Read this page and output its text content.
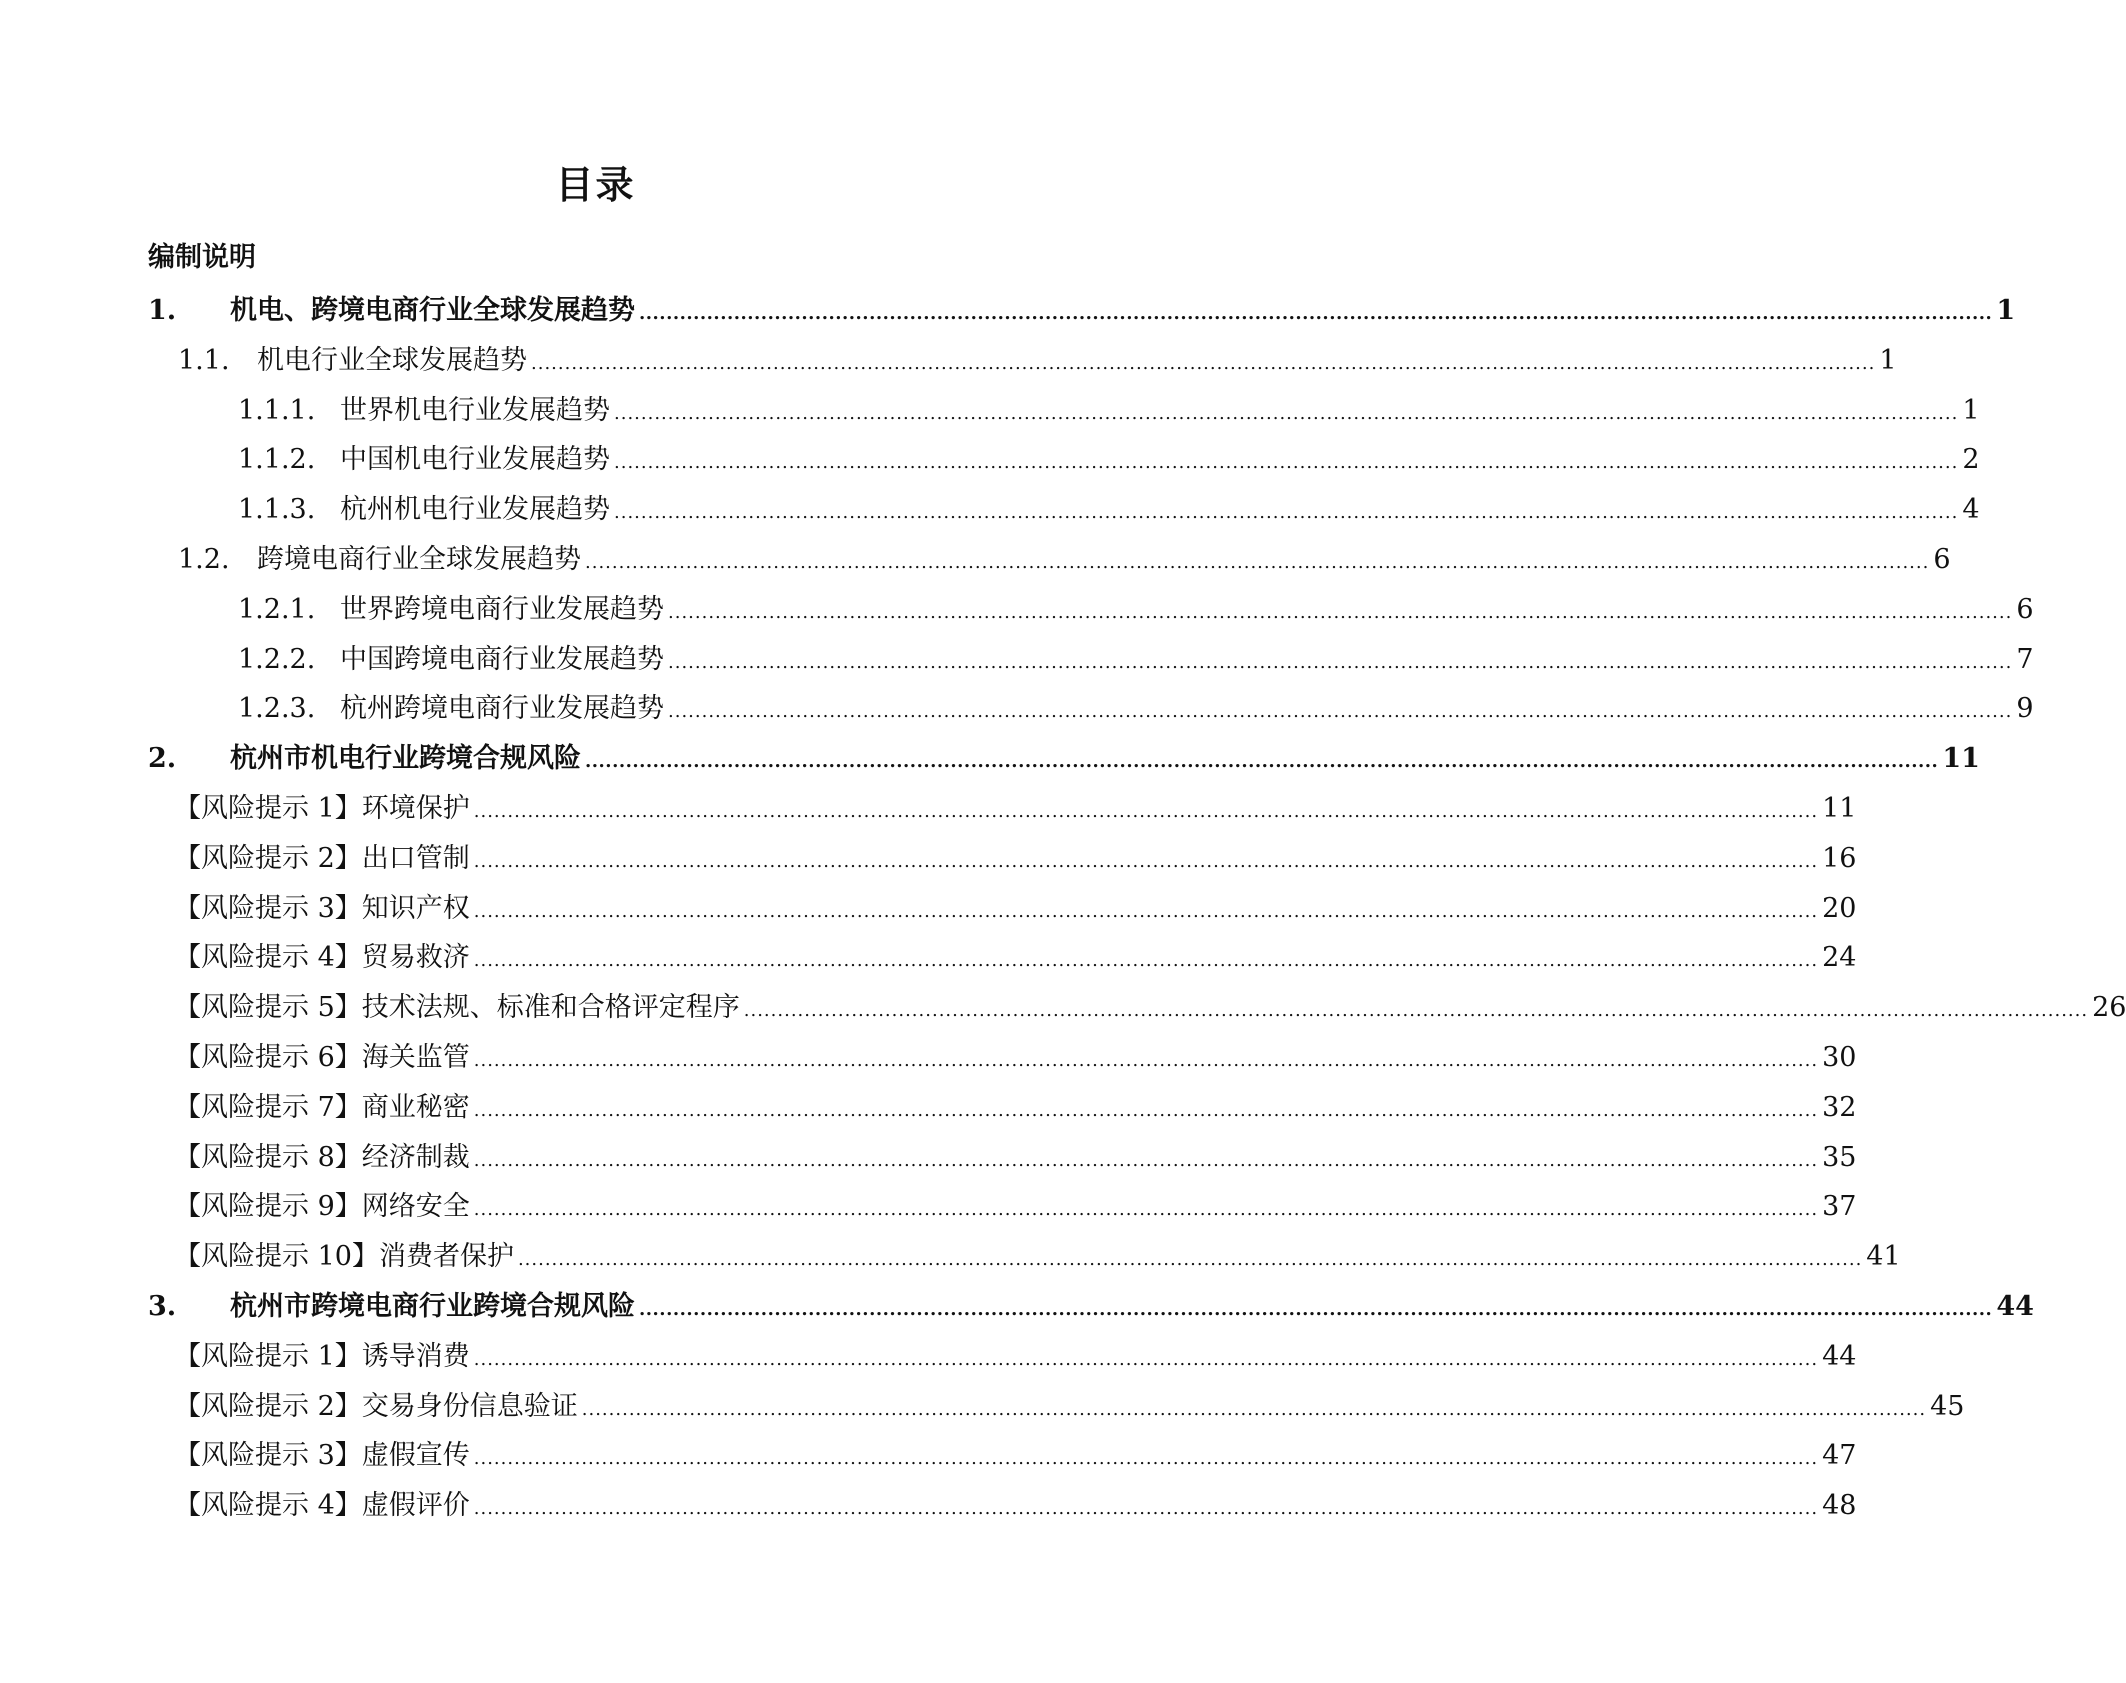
目录
编制说明
1.	机电、跨境电商行业全球发展趋势 ........................................................................................................................................................................................................ 1
1.1.	机电行业全球发展趋势 ........................................................................................................................................................................................................ 1
1.1.1. 世界机电行业发展趋势 ........................................................................................................................................................................................................ 1
1.1.2. 中国机电行业发展趋势 ........................................................................................................................................................................................................ 2
1.1.3. 杭州机电行业发展趋势 ........................................................................................................................................................................................................ 4
1.2.	跨境电商行业全球发展趋势 ........................................................................................................................................................................................................ 6
1.2.1. 世界跨境电商行业发展趋势 ........................................................................................................................................................................................................ 6
1.2.2. 中国跨境电商行业发展趋势 ........................................................................................................................................................................................................ 7
1.2.3. 杭州跨境电商行业发展趋势 ........................................................................................................................................................................................................ 9
2.	杭州市机电行业跨境合规风险 ........................................................................................................................................................................................................ 11
【风险提示 1】环境保护 ........................................................................................................................................................................................................ 11
【风险提示 2】出口管制 ........................................................................................................................................................................................................ 16
【风险提示 3】知识产权 ........................................................................................................................................................................................................ 20
【风险提示 4】贸易救济 ........................................................................................................................................................................................................ 24
【风险提示 5】技术法规、标准和合格评定程序 ........................................................................................................................................................................................................ 26
【风险提示 6】海关监管 ........................................................................................................................................................................................................ 30
【风险提示 7】商业秘密 ........................................................................................................................................................................................................ 32
【风险提示 8】经济制裁 ........................................................................................................................................................................................................ 35
【风险提示 9】网络安全 ........................................................................................................................................................................................................ 37
【风险提示 10】消费者保护 ........................................................................................................................................................................................................ 41
3.	杭州市跨境电商行业跨境合规风险 ........................................................................................................................................................................................................ 44
【风险提示 1】诱导消费 ........................................................................................................................................................................................................ 44
【风险提示 2】交易身份信息验证 ........................................................................................................................................................................................................ 45
【风险提示 3】虚假宣传 ........................................................................................................................................................................................................ 47
【风险提示 4】虚假评价 ........................................................................................................................................................................................................ 48
